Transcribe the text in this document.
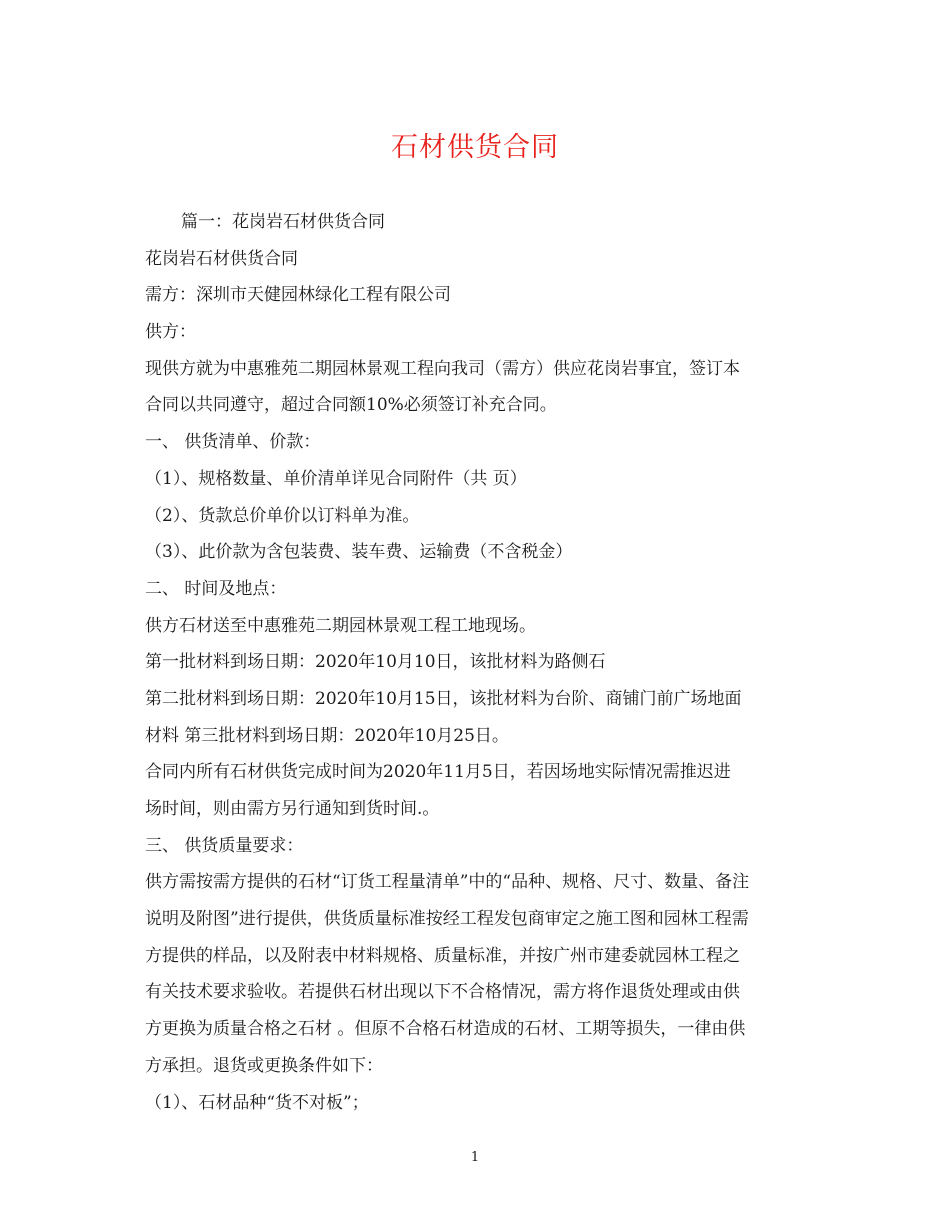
石材供货合同
篇一：花岗岩石材供货合同
花岗岩石材供货合同
需方：深圳市天健园林绿化工程有限公司
供方：
现供方就为中惠雅苑二期园林景观工程向我司（需方）供应花岗岩事宜，签订本
合同以共同遵守，超过合同额10%必须签订补充合同。
一、 供货清单、价款：
（1）、规格数量、单价清单详见合同附件（共 页）
（2）、货款总价单价以订料单为准。
（3）、此价款为含包装费、装车费、运输费（不含税金）
二、 时间及地点：
供方石材送至中惠雅苑二期园林景观工程工地现场。
第一批材料到场日期：2020年10月10日，该批材料为路侧石
第二批材料到场日期：2020年10月15日，该批材料为台阶、商铺门前广场地面
材料 第三批材料到场日期：2020年10月25日。
合同内所有石材供货完成时间为2020年11月5日，若因场地实际情况需推迟进
场时间，则由需方另行通知到货时间.。
三、 供货质量要求：
供方需按需方提供的石材“订货工程量清单”中的“品种、规格、尺寸、数量、备注
说明及附图”进行提供，供货质量标准按经工程发包商审定之施工图和园林工程需
方提供的样品，以及附表中材料规格、质量标准，并按广州市建委就园林工程之
有关技术要求验收。若提供石材出现以下不合格情况，需方将作退货处理或由供
方更换为质量合格之石材 。但原不合格石材造成的石材、工期等损失，一律由供
方承担。退货或更换条件如下：
（1）、石材品种“货不对板”；
1
